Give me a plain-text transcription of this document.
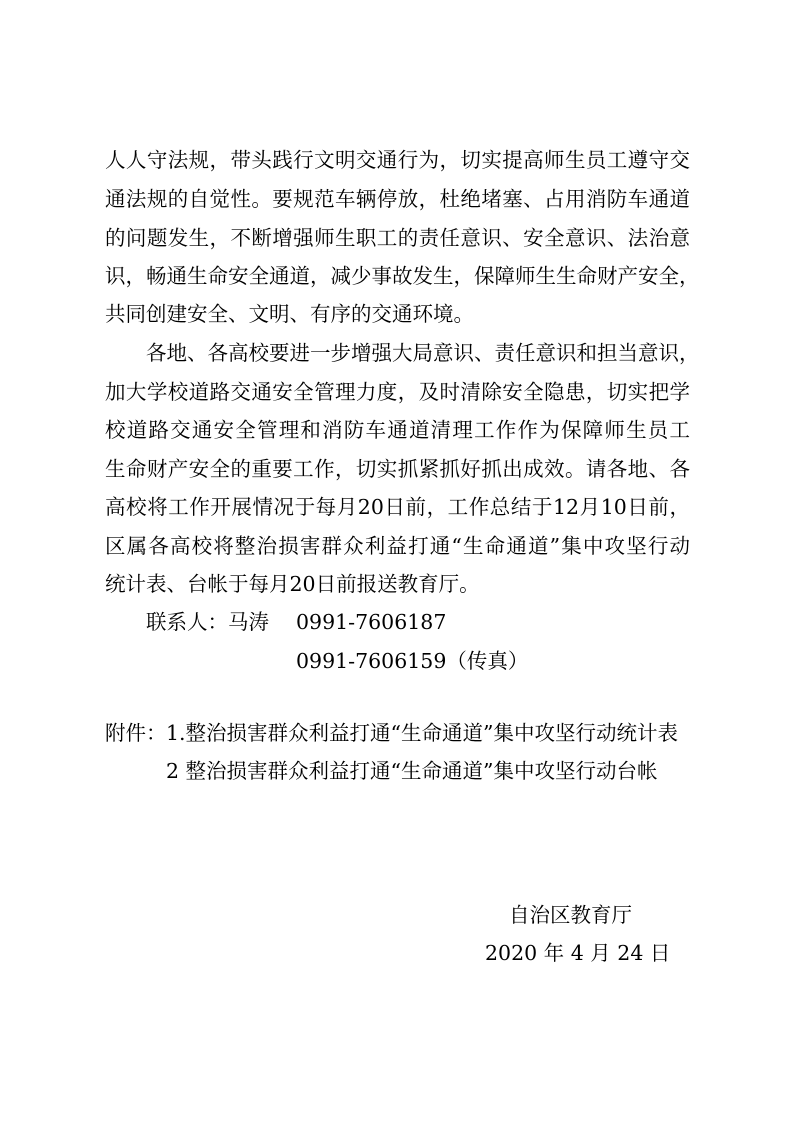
人人守法规，带头践行文明交通行为，切实提高师生员工遵守交
通法规的自觉性。要规范车辆停放，杜绝堵塞、占用消防车通道
的问题发生，不断增强师生职工的责任意识、安全意识、法治意
识，畅通生命安全通道，减少事故发生，保障师生生命财产安全，
共同创建安全、文明、有序的交通环境。
各地、各高校要进一步增强大局意识、责任意识和担当意识，
加大学校道路交通安全管理力度，及时清除安全隐患，切实把学
校道路交通安全管理和消防车通道清理工作作为保障师生员工
生命财产安全的重要工作，切实抓紧抓好抓出成效。请各地、各
高校将工作开展情况于每月20日前，工作总结于12月10日前，
区属各高校将整治损害群众利益打通“生命通道”集中攻坚行动
统计表、台帐于每月20日前报送教育厅。
联系人：马涛 0991-7606187
0991-7606159（传真）
附件： 1.整治损害群众利益打通“生命通道”集中攻坚行动统计表
2 整治损害群众利益打通“生命通道”集中攻坚行动台帐
自治区教育厅
2020 年 4 月 24 日
